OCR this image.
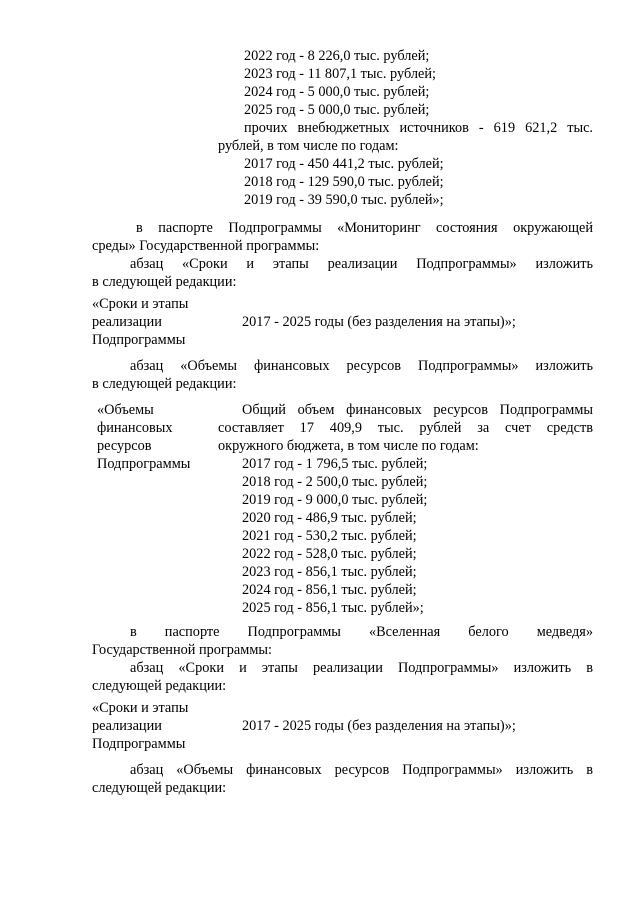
2022 год - 8 226,0 тыс. рублей;
2023 год - 11 807,1 тыс. рублей;
2024 год - 5 000,0 тыс. рублей;
2025 год - 5 000,0 тыс. рублей;
прочих внебюджетных источников - 619 621,2 тыс.
рублей, в том числе по годам:
2017 год - 450 441,2 тыс. рублей;
2018 год - 129 590,0 тыс. рублей;
2019 год - 39 590,0 тыс. рублей»;
в паспорте Подпрограммы «Мониторинг состояния окружающей
среды» Государственной программы:
абзац «Сроки и этапы реализации Подпрограммы» изложить
в следующей редакции:
«Сроки и этапы
реализации
Подпрограммы
2017 - 2025 годы (без разделения на этапы)»;
абзац «Объемы финансовых ресурсов Подпрограммы» изложить
в следующей редакции:
«Объемы
финансовых
ресурсов
Подпрограммы
Общий объем финансовых ресурсов Подпрограммы
составляет 17 409,9 тыс. рублей за счет средств
окружного бюджета, в том числе по годам:
2017 год - 1 796,5 тыс. рублей;
2018 год - 2 500,0 тыс. рублей;
2019 год - 9 000,0 тыс. рублей;
2020 год - 486,9 тыс. рублей;
2021 год - 530,2 тыс. рублей;
2022 год - 528,0 тыс. рублей;
2023 год - 856,1 тыс. рублей;
2024 год - 856,1 тыс. рублей;
2025 год - 856,1 тыс. рублей»;
в паспорте Подпрограммы «Вселенная белого медведя»
Государственной программы:
абзац «Сроки и этапы реализации Подпрограммы» изложить в
следующей редакции:
«Сроки и этапы
реализации
Подпрограммы
2017 - 2025 годы (без разделения на этапы)»;
абзац «Объемы финансовых ресурсов Подпрограммы» изложить в
следующей редакции:
